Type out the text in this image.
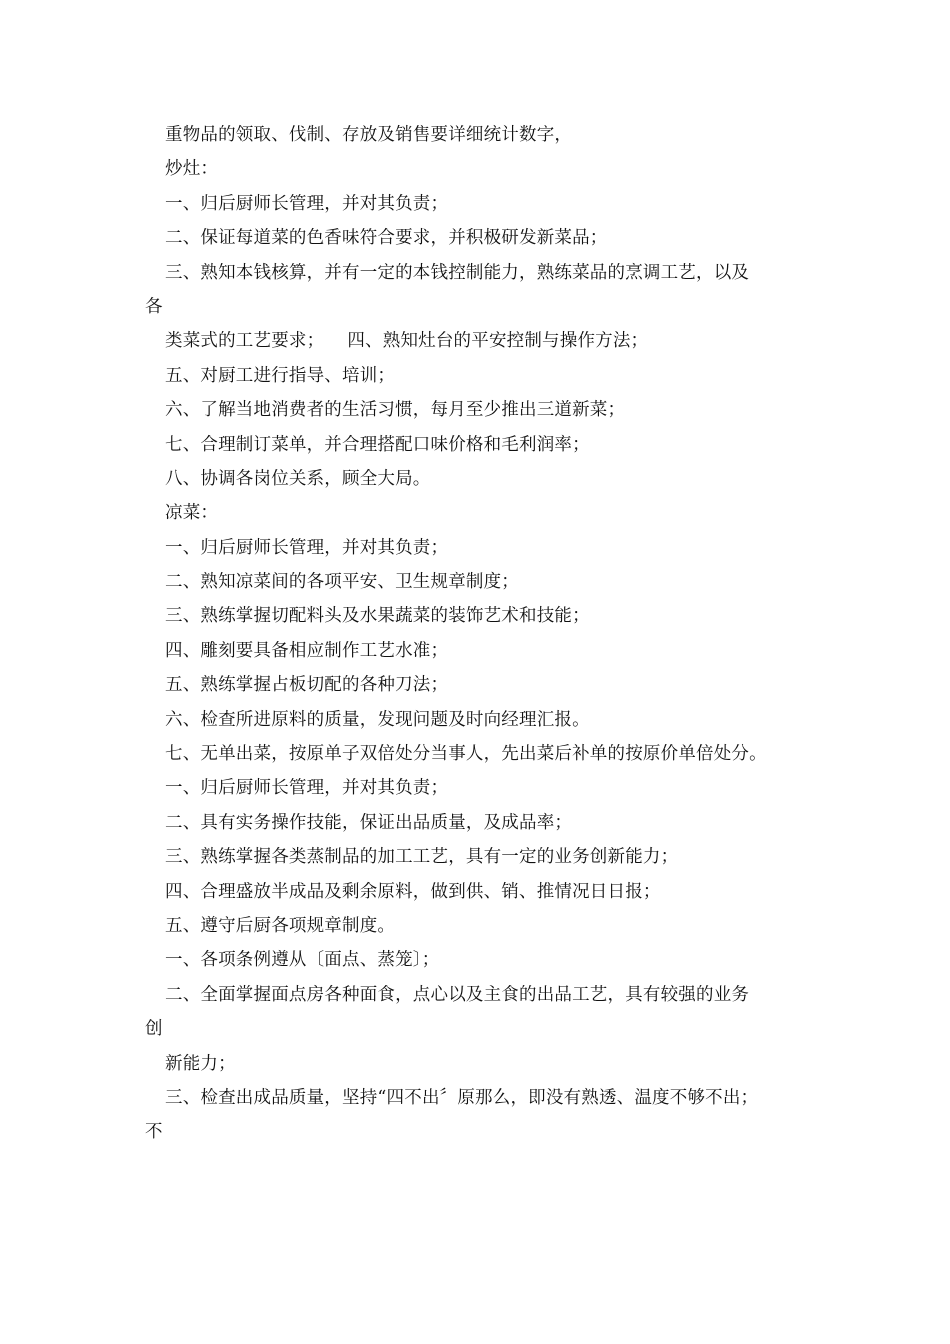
重物品的领取、伐制、存放及销售要详细统计数字，
炒灶：
一、归后厨师长管理，并对其负责；
二、保证每道菜的色香味符合要求，并积极研发新菜品；
三、熟知本钱核算，并有一定的本钱控制能力，熟练菜品的烹调工艺，以及
各
类菜式的工艺要求；    四、熟知灶台的平安控制与操作方法；
五、对厨工进行指导、培训；
六、了解当地消费者的生活习惯，每月至少推出三道新菜；
七、合理制订菜单，并合理搭配口味价格和毛利润率；
八、协调各岗位关系，顾全大局。
凉菜：
一、归后厨师长管理，并对其负责；
二、熟知凉菜间的各项平安、卫生规章制度；
三、熟练掌握切配料头及水果蔬菜的装饰艺术和技能；
四、雕刻要具备相应制作工艺水准；
五、熟练掌握占板切配的各种刀法；
六、检查所进原料的质量，发现问题及时向经理汇报。
七、无单出菜，按原单子双倍处分当事人，先出菜后补单的按原价单倍处分。
一、归后厨师长管理，并对其负责；
二、具有实务操作技能，保证出品质量，及成品率；
三、熟练掌握各类蒸制品的加工工艺，具有一定的业务创新能力；
四、合理盛放半成品及剩余原料，做到供、销、推情况日日报；
五、遵守后厨各项规章制度。
一、各项条例遵从〔面点、蒸笼〕；
二、全面掌握面点房各种面食，点心以及主食的出品工艺，具有较强的业务
创
新能力；
三、检查出成品质量，坚持“四不出〞原那么，即没有熟透、温度不够不出；
不
